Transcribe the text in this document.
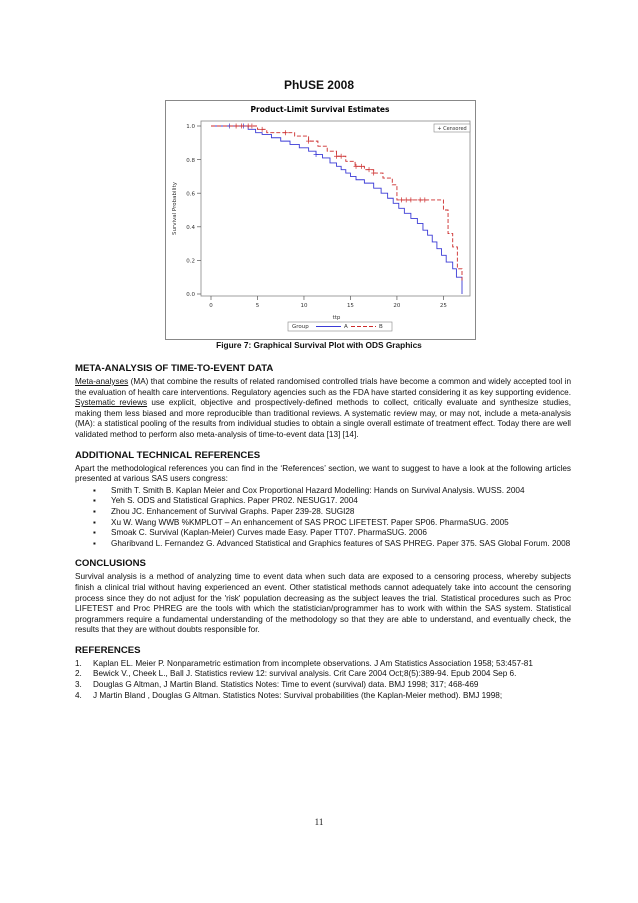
PhUSE 2008
Product-Limit Survival Estimates
0.0
0.2
0.4
0.6
0.8
1.0
0	5	10	15	20	25
ttp
Survival Probability
+ Censored
Group	A	B
Figure 7: Graphical Survival Plot with ODS Graphics
META-ANALYSIS OF TIME-TO-EVENT DATA

Meta-analyses (MA) that combine the results of related randomised controlled trials have become a common and widely accepted tool in the evaluation of health care interventions. Regulatory agencies such as the FDA have started considering it as key supporting evidence. Systematic reviews use explicit, objective and prospectively-defined methods to collect, critically evaluate and synthesize studies, making them less biased and more reproducible than traditional reviews. A systematic review may, or may not, include a meta-analysis (MA): a statistical pooling of the results from individual studies to obtain a single overall estimate of treatment effect. Today there are well validated method to perform also meta-analysis of time-to-event data [13] [14].

ADDITIONAL TECHNICAL REFERENCES

Apart the methodological references you can find in the ‘References’ section, we want to suggest to have a look at the following articles presented at various SAS users congress:

▪ Smith T. Smith B. Kaplan Meier and Cox Proportional Hazard Modelling: Hands on Survival Analysis. WUSS. 2004
▪ Yeh S. ODS and Statistical Graphics. Paper PR02. NESUG17. 2004
▪ Zhou JC. Enhancement of Survival Graphs. Paper 239-28. SUGI28
▪ Xu W. Wang WWB %KMPLOT – An enhancement of SAS PROC LIFETEST. Paper SP06. PharmaSUG. 2005
▪ Smoak C. Survival (Kaplan-Meier) Curves made Easy. Paper TT07. PharmaSUG. 2006
▪ Gharibvand L. Fernandez G. Advanced Statistical and Graphics features of SAS PHREG. Paper 375. SAS Global Forum. 2008
CONCLUSIONS

Survival analysis is a method of analyzing time to event data when such data are exposed to a censoring process, whereby subjects finish a clinical trial without having experienced an event. Other statistical methods cannot adequately take into account the censoring process since they do not adjust for the 'risk' population decreasing as the subject leaves the trial. Statistical procedures such as Proc LIFETEST and Proc PHREG are the tools with which the statistician/programmer has to work with within the SAS system. Statistical programmers require a fundamental understanding of the methodology so that they are able to understand, and eventually check, the results that they are without doubts responsible for.

REFERENCES
1. Kaplan EL. Meier P. Nonparametric estimation from incomplete observations. J Am Statistics Association 1958; 53:457-81
2. Bewick V., Cheek L., Ball J. Statistics review 12: survival analysis. Crit Care 2004 Oct;8(5):389-94. Epub 2004 Sep 6.
3. Douglas G Altman, J Martin Bland. Statistics Notes: Time to event (survival) data. BMJ 1998; 317; 468-469
4. J Martin Bland , Douglas G Altman. Statistics Notes: Survival probabilities (the Kaplan-Meier method). BMJ 1998;
11
